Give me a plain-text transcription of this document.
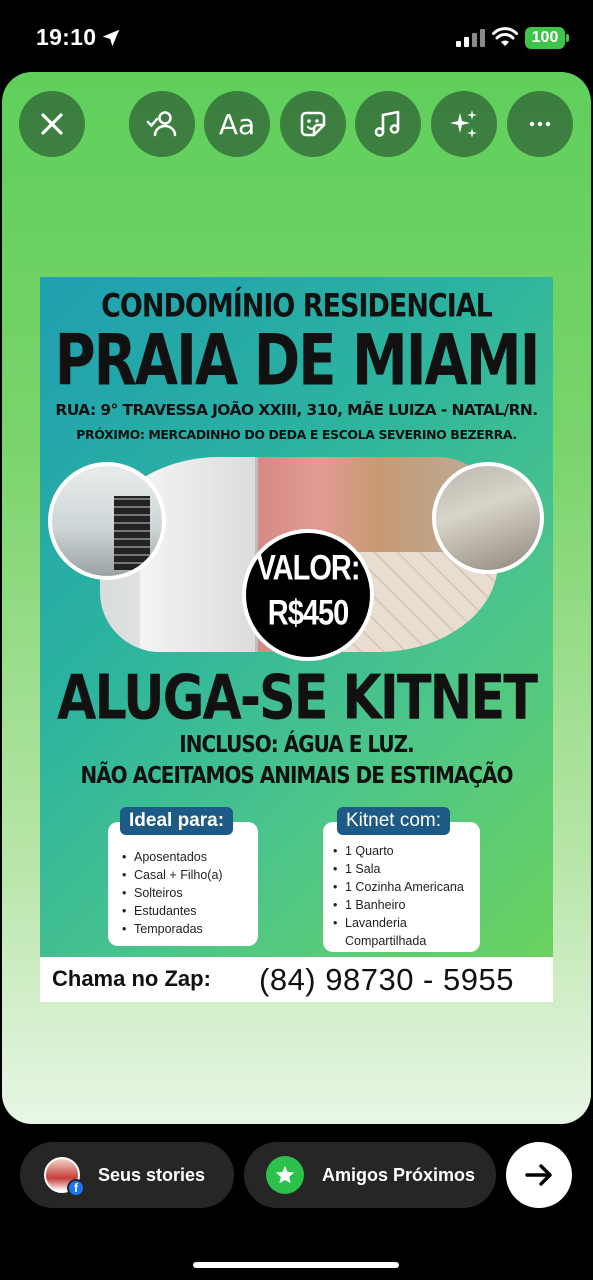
19:10	100
Aa
CONDOMÍNIO RESIDENCIAL
PRAIA DE MIAMI
RUA: 9° TRAVESSA JOÃO XXIII, 310, MÃE LUIZA - NATAL/RN.
PRÓXIMO: MERCADINHO DO DEDA E ESCOLA SEVERINO BEZERRA.
VALOR:
R$450
ALUGA-SE KITNET
INCLUSO: ÁGUA E LUZ.
NÃO ACEITAMOS ANIMAIS DE ESTIMAÇÃO
• Aposentados
• Casal + Filho(a)
• Solteiros
• Estudantes
• Temporadas
Ideal para:
• 1 Quarto
• 1 Sala
• 1 Cozinha Americana
• 1 Banheiro
• Lavanderia
Compartilhada
Kitnet com:
Chama no Zap: (84) 98730 - 5955
f
Seus stories	Amigos Próximos
